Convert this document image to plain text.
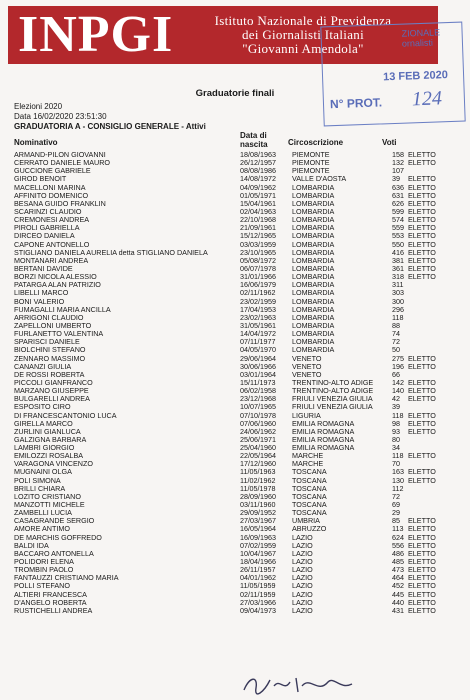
INPGI	Istituto Nazionale di Previdenza
dei Giornalisti Italiani
"Giovanni Amendola"
ZIONALE
ornalisti
13 FEB 2020
N° PROT. 124
Graduatorie finali
Elezioni 2020
Data 16/02/2020 23:51:30
GRADUATORIA A - CONSIGLIO GENERALE - Attivi
Nominativo
Data di nascita	Circoscrizione	Voti
ARMAND-PILON GIOVANNI	18/08/1963 PIEMONTE	158 ELETTO
CERRATO DANIELE MAURO	26/12/1957 PIEMONTE	132 ELETTO
GUCCIONE GABRIELE	08/08/1986 PIEMONTE	107
GIROD BENOIT	14/08/1972 VALLE D'AOSTA	39 ELETTO
MACELLONI MARINA	04/09/1962 LOMBARDIA	636 ELETTO
AFFINITO DOMENICO	01/05/1971 LOMBARDIA	631 ELETTO
BESANA GUIDO FRANKLIN	15/04/1961 LOMBARDIA	626 ELETTO
SCARINZI CLAUDIO	02/04/1963 LOMBARDIA	599 ELETTO
CREMONESI ANDREA	22/10/1968 LOMBARDIA	574 ELETTO
PIROLI GABRIELLA	21/09/1961 LOMBARDIA	559 ELETTO
DIRCEO DANIELA	15/12/1965 LOMBARDIA	553 ELETTO
CAPONE ANTONELLO	03/03/1959 LOMBARDIA	550 ELETTO
STIGLIANO DANIELA AURELIA detta STIGLIANO DANIELA	23/10/1965 LOMBARDIA	416 ELETTO
MONTANARI ANDREA	05/08/1972 LOMBARDIA	381 ELETTO
BERTANI DAVIDE	06/07/1978 LOMBARDIA	361 ELETTO
BORZI NICOLA ALESSIO	31/01/1966 LOMBARDIA	318 ELETTO
PATARGA ALAN PATRIZIO	16/06/1979 LOMBARDIA	311
LIBELLI MARCO	02/11/1962 LOMBARDIA	303
BONI VALERIO	23/02/1959 LOMBARDIA	300
FUMAGALLI MARIA ANCILLA	17/04/1953 LOMBARDIA	296
ARRIGONI CLAUDIO	23/02/1963 LOMBARDIA	118
ZAPELLONI UMBERTO	31/05/1961 LOMBARDIA	88
FURLANETTO VALENTINA	14/04/1972 LOMBARDIA	74
SPARISCI DANIELE	07/11/1977 LOMBARDIA	72
BIOLCHINI STEFANO	04/05/1970 LOMBARDIA	50
ZENNARO MASSIMO	29/06/1964 VENETO	275 ELETTO
CANANZI GIULIA	30/06/1966 VENETO	196 ELETTO
DE ROSSI ROBERTA	03/01/1964 VENETO	66
PICCOLI GIANFRANCO	15/11/1973 TRENTINO-ALTO ADIGE	142 ELETTO
MARZANO GIUSEPPE	06/02/1958 TRENTINO-ALTO ADIGE	140 ELETTO
BULGARELLI ANDREA	23/12/1968 FRIULI VENEZIA GIULIA	42 ELETTO
ESPOSITO CIRO	10/07/1965 FRIULI VENEZIA GIULIA	39
DI FRANCESCANTONIO LUCA	07/10/1978 LIGURIA	118 ELETTO
GIRELLA MARCO	07/06/1960 EMILIA ROMAGNA	98 ELETTO
ZURLINI GIANLUCA	24/06/1962 EMILIA ROMAGNA	93 ELETTO
GALZIGNA BARBARA	25/06/1971 EMILIA ROMAGNA	80
LAMBRI GIORGIO	25/04/1960 EMILIA ROMAGNA	34
EMILOZZI ROSALBA	22/05/1964 MARCHE	118 ELETTO
VARAGONA VINCENZO	17/12/1960 MARCHE	70
MUGNAINI OLGA	11/05/1963 TOSCANA	163 ELETTO
POLI SIMONA	11/02/1962 TOSCANA	130 ELETTO
BRILLI CHIARA	11/05/1978 TOSCANA	112
LOZITO CRISTIANO	28/09/1960 TOSCANA	72
MANZOTTI MICHELE	03/11/1960 TOSCANA	69
ZAMBELLI LUCIA	29/09/1952 TOSCANA	29
CASAGRANDE SERGIO	27/03/1967 UMBRIA	85 ELETTO
AMORE ANTIMO	16/05/1964 ABRUZZO	113 ELETTO
DE MARCHIS GOFFREDO	16/09/1963 LAZIO	624 ELETTO
BALDI IDA	07/02/1959 LAZIO	556 ELETTO
BACCARO ANTONELLA	10/04/1967 LAZIO	486 ELETTO
POLIDORI ELENA	18/04/1966 LAZIO	485 ELETTO
TROMBIN PAOLO	26/11/1957 LAZIO	473 ELETTO
FANTAUZZI CRISTIANO MARIA	04/01/1962 LAZIO	464 ELETTO
POLLI STEFANO	11/05/1959 LAZIO	452 ELETTO
ALTIERI FRANCESCA	02/11/1959 LAZIO	445 ELETTO
D'ANGELO ROBERTA	27/03/1966 LAZIO	440 ELETTO
RUSTICHELLI ANDREA	09/04/1973 LAZIO	431 ELETTO
